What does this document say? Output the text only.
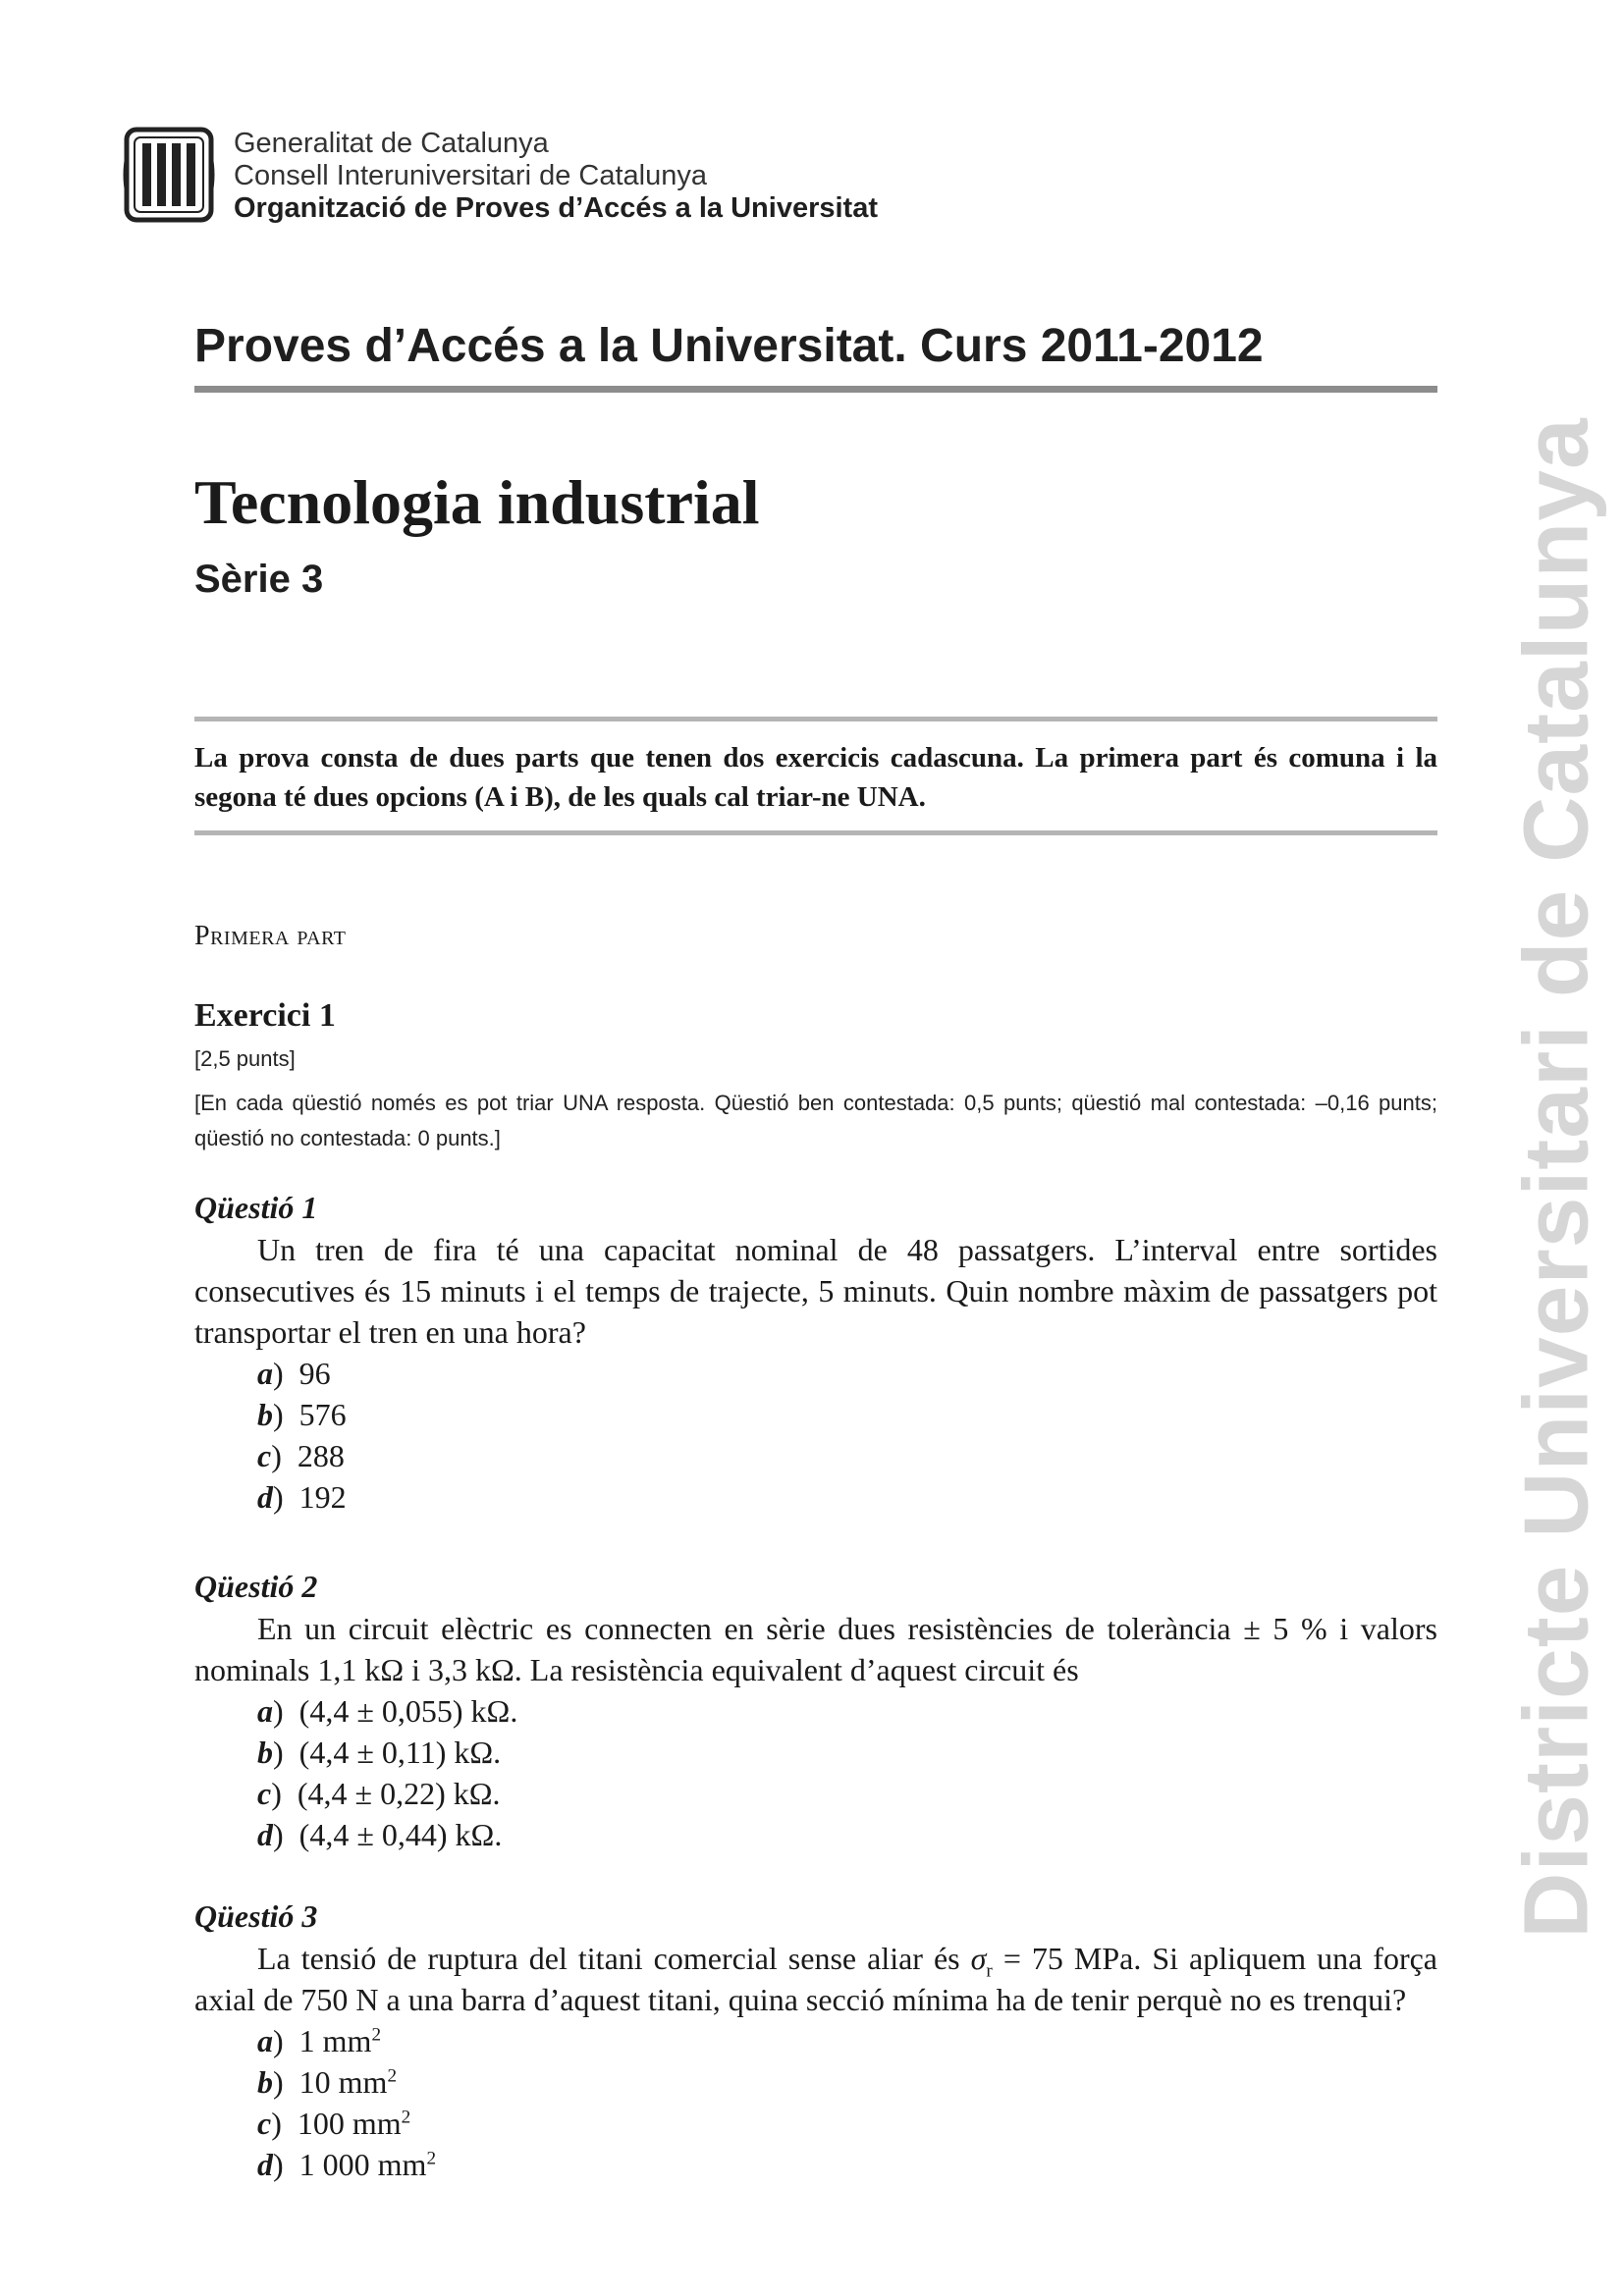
Generalitat de Catalunya
Consell Interuniversitari de Catalunya
Organització de Proves d’Accés a la Universitat
Districte Universitari de Catalunya
Proves d’Accés a la Universitat. Curs 2011-2012
Tecnologia industrial
Sèrie 3
La prova consta de dues parts que tenen dos exercicis cadascuna. La primera part és comuna i la segona té dues opcions (A i B), de les quals cal triar-ne UNA.
Primera part
Exercici 1
[2,5 punts]
[En cada qüestió només es pot triar UNA resposta. Qüestió ben contestada: 0,5 punts; qüestió mal contestada: –0,16 punts; qüestió no contestada: 0 punts.]
Qüestió 1
Un tren de fira té una capacitat nominal de 48 passatgers. L’interval entre sortides consecutives és 15 minuts i el temps de trajecte, 5 minuts. Quin nombre màxim de passatgers pot transportar el tren en una hora?
a) 96
b) 576
c) 288
d) 192
Qüestió 2
En un circuit elèctric es connecten en sèrie dues resistències de tolerància ± 5 % i valors nominals 1,1 kΩ i 3,3 kΩ. La resistència equivalent d’aquest circuit és
a) (4,4 ± 0,055) kΩ.
b) (4,4 ± 0,11) kΩ.
c) (4,4 ± 0,22) kΩ.
d) (4,4 ± 0,44) kΩ.
Qüestió 3
La tensió de ruptura del titani comercial sense aliar és $\sigma_r = 75$ MPa. Si apliquem una força axial de 750 N a una barra d’aquest titani, quina secció mínima ha de tenir perquè no es trenqui?
a) 1 $mm^2$
b) 10 $mm^2$
c) 100 $mm^2$
d) 1 000 $mm^2$
